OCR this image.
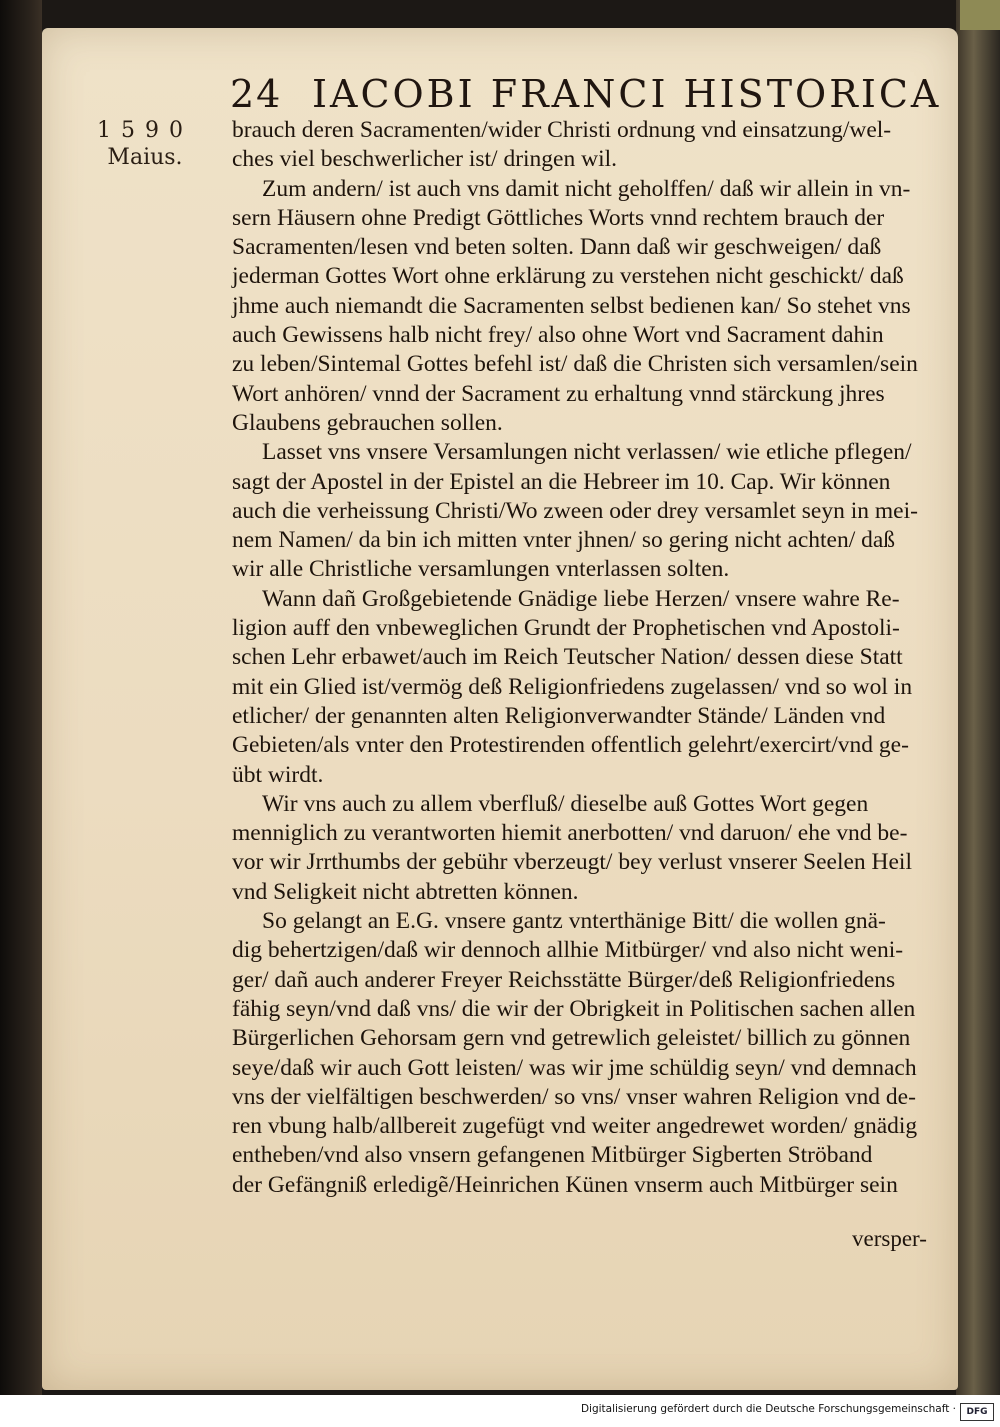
24 IACOBI FRANCI HISTORICA
1590
Maius.
brauch deren Sacramenten/wider Christi ordnung vnd einsatzung/wel-
ches viel beschwerlicher ist/ dringen wil.
Zum andern/ ist auch vns damit nicht geholffen/ daß wir allein in vn-
sern Häusern ohne Predigt Göttliches Worts vnnd rechtem brauch der
Sacramenten/lesen vnd beten solten. Dann daß wir geschweigen/ daß
jederman Gottes Wort ohne erklärung zu verstehen nicht geschickt/ daß
jhme auch niemandt die Sacramenten selbst bedienen kan/ So stehet vns
auch Gewissens halb nicht frey/ also ohne Wort vnd Sacrament dahin
zu leben/Sintemal Gottes befehl ist/ daß die Christen sich versamlen/sein
Wort anhören/ vnnd der Sacrament zu erhaltung vnnd stärckung jhres
Glaubens gebrauchen sollen.
Lasset vns vnsere Versamlungen nicht verlassen/ wie etliche pflegen/
sagt der Apostel in der Epistel an die Hebreer im 10. Cap. Wir können
auch die verheissung Christi/Wo zween oder drey versamlet seyn in mei-
nem Namen/ da bin ich mitten vnter jhnen/ so gering nicht achten/ daß
wir alle Christliche versamlungen vnterlassen solten.
Wann dañ Großgebietende Gnädige liebe Herzen/ vnsere wahre Re-
ligion auff den vnbeweglichen Grundt der Prophetischen vnd Apostoli-
schen Lehr erbawet/auch im Reich Teutscher Nation/ dessen diese Statt
mit ein Glied ist/vermög deß Religionfriedens zugelassen/ vnd so wol in
etlicher/ der genannten alten Religionverwandter Stände/ Länden vnd
Gebieten/als vnter den Protestirenden offentlich gelehrt/exercirt/vnd ge-
übt wirdt.
Wir vns auch zu allem vberfluß/ dieselbe auß Gottes Wort gegen
menniglich zu verantworten hiemit anerbotten/ vnd daruon/ ehe vnd be-
vor wir Jrrthumbs der gebühr vberzeugt/ bey verlust vnserer Seelen Heil
vnd Seligkeit nicht abtretten können.
So gelangt an E.G. vnsere gantz vnterthänige Bitt/ die wollen gnä-
dig behertzigen/daß wir dennoch allhie Mitbürger/ vnd also nicht weni-
ger/ dañ auch anderer Freyer Reichsstätte Bürger/deß Religionfriedens
fähig seyn/vnd daß vns/ die wir der Obrigkeit in Politischen sachen allen
Bürgerlichen Gehorsam gern vnd getrewlich geleistet/ billich zu gönnen
seye/daß wir auch Gott leisten/ was wir jme schüldig seyn/ vnd demnach
vns der vielfältigen beschwerden/ so vns/ vnser wahren Religion vnd de-
ren vbung halb/allbereit zugefügt vnd weiter angedrewet worden/ gnädig
entheben/vnd also vnsern gefangenen Mitbürger Sigberten Ströband
der Gefängniß erledigẽ/Heinrichen Künen vnserm auch Mitbürger sein
versper-
Digitalisierung gefördert durch die Deutsche Forschungsgemeinschaft ·	DFG
